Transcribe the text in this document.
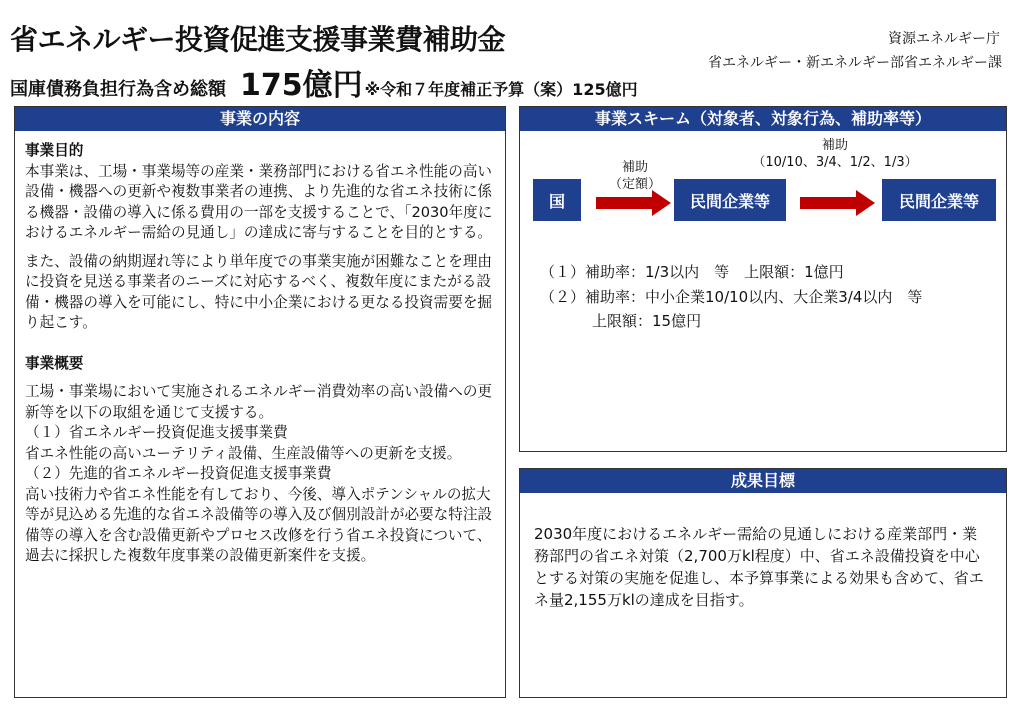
省エネルギー投資促進支援事業費補助金	資源エネルギー庁
省エネルギー・新エネルギー部省エネルギー課
国庫債務負担行為含め総額 175億円 ※令和７年度補正予算（案）125億円
事業の内容

事業目的

本事業は、工場・事業場等の産業・業務部門における省エネ性能の高い設備・機器への更新や複数事業者の連携、より先進的な省エネ技術に係る機器・設備の導入に係る費用の一部を支援することで、「2030年度におけるエネルギー需給の見通し」の達成に寄与することを目的とする。

また、設備の納期遅れ等により単年度での事業実施が困難なことを理由に投資を見送る事業者のニーズに対応するべく、複数年度にまたがる設備・機器の導入を可能にし、特に中小企業における更なる投資需要を掘り起こす。

事業概要

工場・事業場において実施されるエネルギー消費効率の高い設備への更新等を以下の取組を通じて支援する。

（１）省エネルギー投資促進支援事業費

省エネ性能の高いユーテリティ設備、生産設備等への更新を支援。

（２）先進的省エネルギー投資促進支援事業費

高い技術力や省エネ性能を有しており、今後、導入ポテンシャルの拡大等が見込める先進的な省エネ設備等の導入及び個別設計が必要な特注設備等の導入を含む設備更新やプロセス改修を行う省エネ投資について、過去に採択した複数年度事業の設備更新案件を支援。

事業スキーム（対象者、対象行為、補助率等）
国
補助
（定額）
民間企業等
補助
（10/10、3/4、1/2、1/3）
民間企業等
（１）補助率：1/3以内　等　上限額：1億円
（２）補助率：中小企業10/10以内、大企業3/4以内　等
上限額：15億円
成果目標
2030年度におけるエネルギー需給の見通しにおける産業部門・業務部門の省エネ対策（2,700万kl程度）中、省エネ設備投資を中心とする対策の実施を促進し、本予算事業による効果も含めて、省エネ量2,155万klの達成を目指す。
